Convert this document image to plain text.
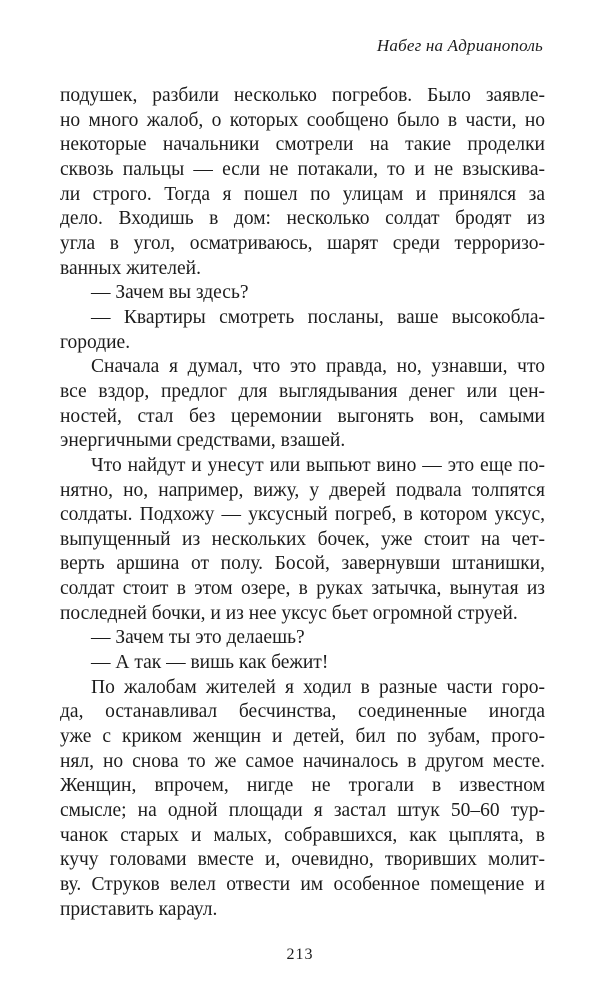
Набег на Адрианополь

подушек, разбили несколько погребов. Было заявле-

но много жалоб, о которых сообщено было в части, но

некоторые начальники смотрели на такие проделки

сквозь пальцы — если не потакали, то и не взыскива-

ли строго. Тогда я пошел по улицам и принялся за

дело. Входишь в дом: несколько солдат бродят из

угла в угол, осматриваюсь, шарят среди терроризо-

ванных жителей.

— Зачем вы здесь?

— Квартиры смотреть посланы, ваше высокобла-

городие.

Сначала я думал, что это правда, но, узнавши, что

все вздор, предлог для выглядывания денег или цен-

ностей, стал без церемонии выгонять вон, самыми

энергичными средствами, взашей.

Что найдут и унесут или выпьют вино — это еще по-

нятно, но, например, вижу, у дверей подвала толпятся

солдаты. Подхожу — уксусный погреб, в котором уксус,

выпущенный из нескольких бочек, уже стоит на чет-

верть аршина от полу. Босой, завернувши штанишки,

солдат стоит в этом озере, в руках затычка, вынутая из

последней бочки, и из нее уксус бьет огромной струей.

— Зачем ты это делаешь?

— А так — вишь как бежит!

По жалобам жителей я ходил в разные части горо-

да, останавливал бесчинства, соединенные иногда

уже с криком женщин и детей, бил по зубам, прого-

нял, но снова то же самое начиналось в другом месте.

Женщин, впрочем, нигде не трогали в известном

смысле; на одной площади я застал штук 50–60 тур-

чанок старых и малых, собравшихся, как цыплята, в

кучу головами вместе и, очевидно, творивших молит-

ву. Струков велел отвести им особенное помещение и

приставить караул.

213
